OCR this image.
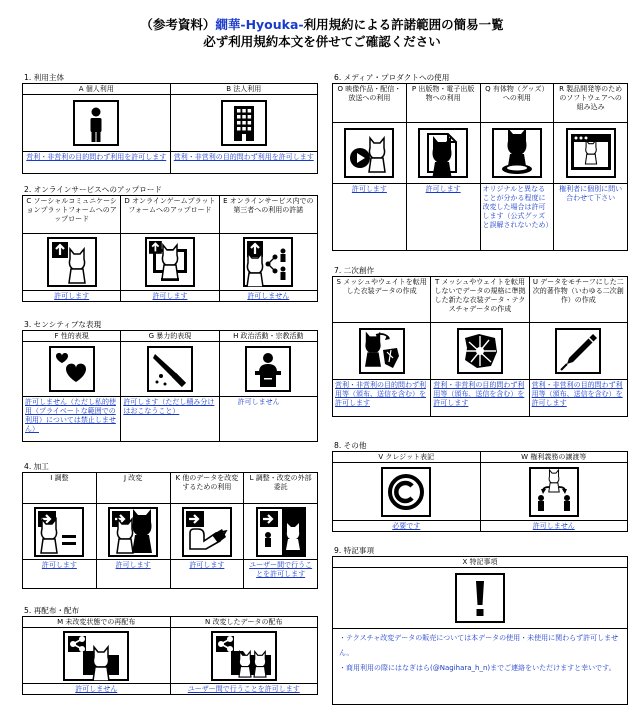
（参考資料）繝華-Hyouka-利用規約による許諾範囲の簡易一覧
必ず利用規約本文を併せてご確認ください
1. 利用主体
A 個人利用
営利・非営利の目的問わず利用を許可します
B 法人利用
営利・非営利の目的問わず利用を許可します
2. オンラインサービスへのアップロード
C ソーシャルコミュニケーションプラットフォームへのアップロード
許可します
D オンラインゲームプラットフォームへのアップロード
許可します
E オンラインサービス内での第三者への利用の許諾
許可しません
3. センシティブな表現
F 性的表現
許可しません（ただし私的使用（プライベートな範囲での利用）については禁止しません）
G 暴力的表現
許可します（ただし積み分けはおこなうこと）
H 政治活動・宗教活動
許可しません
4. 加工
I 調整
許可します
J 改変
許可します
K 他のデータを改変するための利用
許可します
L 調整・改変の外部委託
ユーザー間で行うことを許可します
5. 再配布・配布
M 未改変状態での再配布
許可しません
N 改変したデータの配布
ユーザー間で行うことを許可します
6. メディア・プロダクトへの使用
O 映像作品・配信・放送への利用
許可します
P 出版物・電子出版物への利用
許可します
Q 有体物（グッズ）への利用
オリジナルと異なることが分かる程度に改変した場合は許可します（公式グッズと誤解されないため）
R 製品開発等のためのソフトウェアへの組み込み
権利者に個別に問い合わせて下さい
7. 二次創作
S メッシュやウェイトを転用した衣装データの作成
営利・非営利の目的問わず利用等（頒布、送信を含む）を許可します
T メッシュやウェイトを転用しないでデータの規格に準拠した新たな衣装データ・テクスチャデータの作成
営利・非営利の目的問わず利用等（頒布、送信を含む）を許可します
U データをモチーフにした二次的著作物（いわゆる二次創作）の作成
営利・非営利の目的問わず利用等（頒布、送信を含む）を許可します
8. その他
V クレジット表記
必要です
W 権利義務の譲渡等
許可しません
9. 特記事項
X 特記事項
・テクスチャ改変データの販売については本データの使用・未使用に関わらず許可しません。
・商用利用の際にはなぎはら(@Nagihara_h_n)までご連絡をいただけますと幸いです。
